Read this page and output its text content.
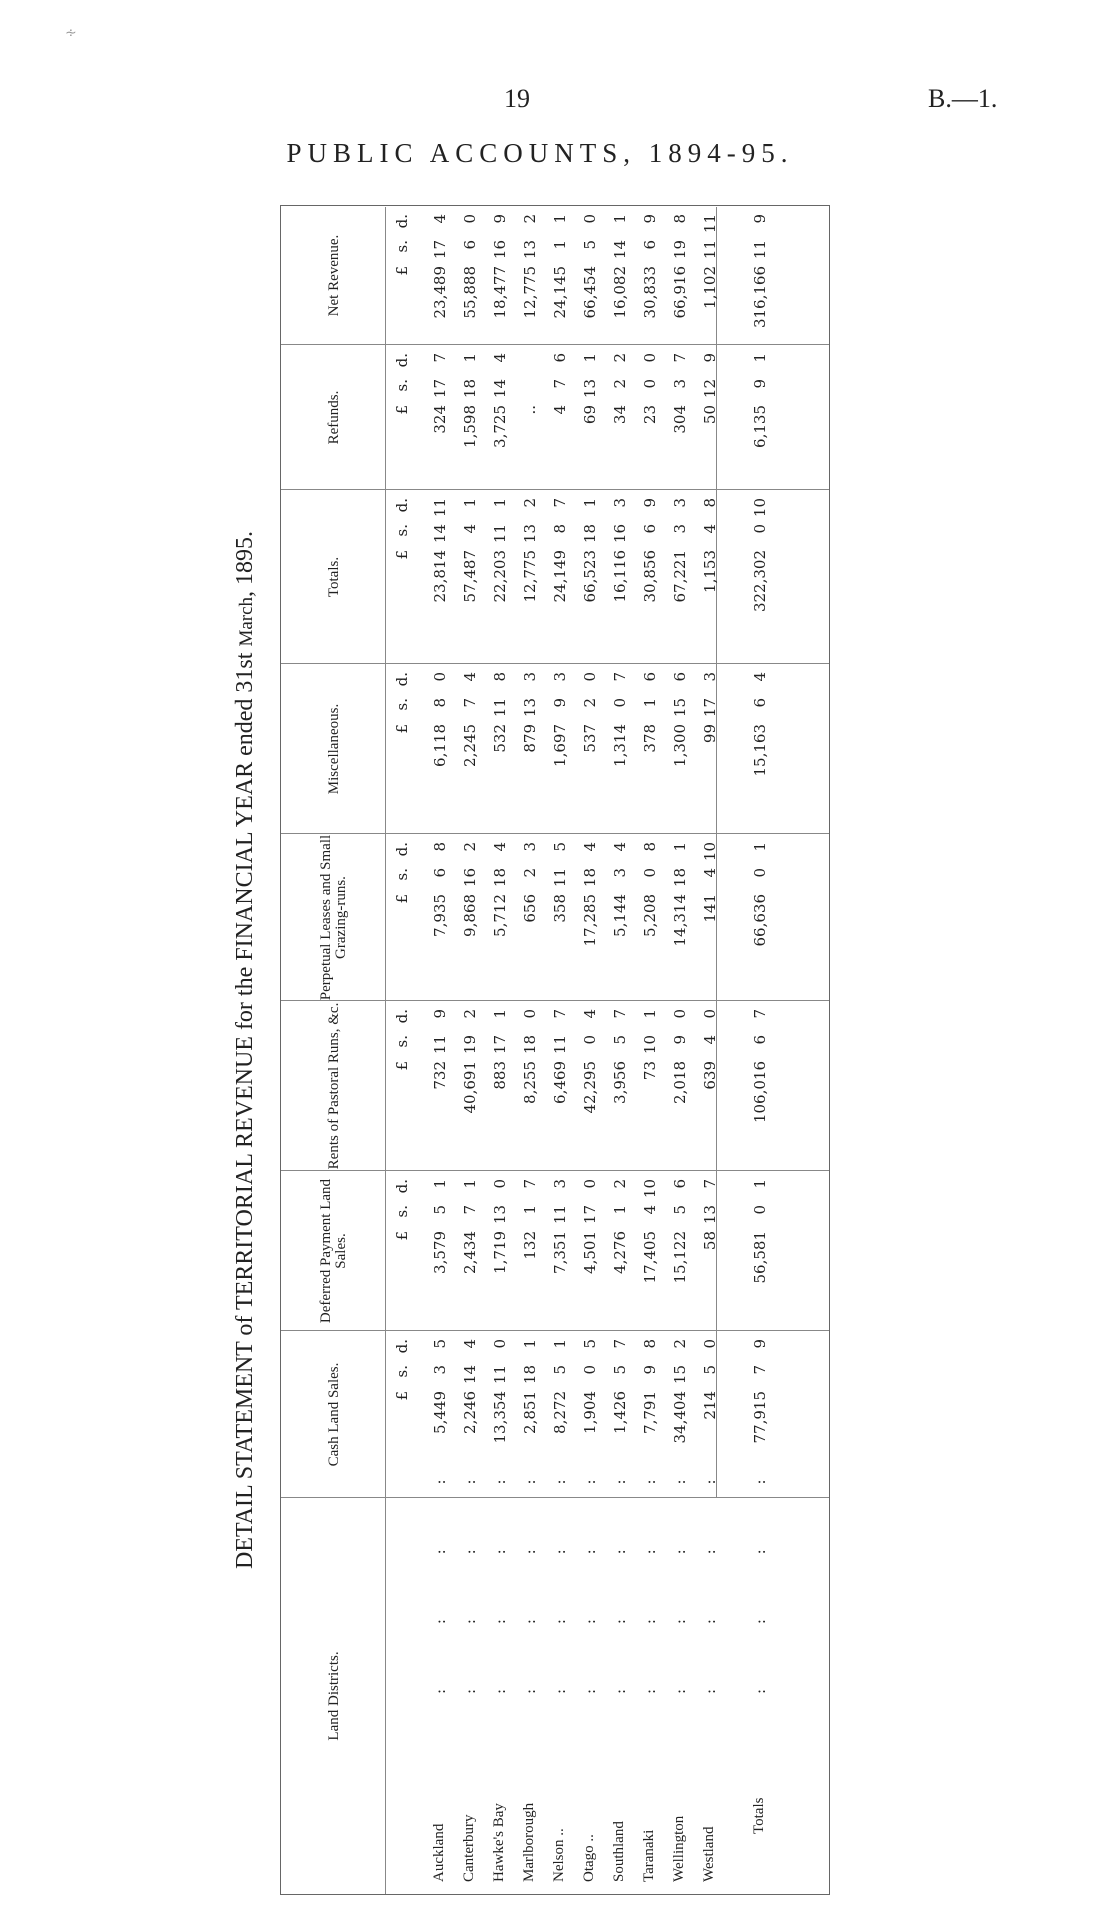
∻
19	B.—1.
PUBLIC ACCOUNTS, 1894-95.
DETAIL STATEMENT of TERRITORIAL REVENUE for the FINANCIAL YEAR ended 31st March, 1895.
Land Districts.
Cash Land Sales.
Deferred Payment Land Sales.
Rents of Pastoral Runs, &c.
Perpetual Leases and Small Grazing-runs.
Miscellaneous.
Totals.
Refunds.
Net Revenue.
£
s.
d.
£
s.
d.
£
s.
d.
£
s.
d.
£
s.
d.
£
s.
d.
£
s.
d.
£
s.
d.
Auckland
: : : :
5,449
3
5
3,579
5
1
732
11
9
7,935
6
8
6,118
8
0
23,814
14
11
324
17
7
23,489
17
4
Canterbury
: : : :
2,246
14
4
2,434
7
1
40,691
19
2
9,868
16
2
2,245
7
4
57,487
4
1
1,598
18
1
55,888
6
0
Hawke's Bay
: : : :
13,354
11
0
1,719
13
0
883
17
1
5,712
18
4
532
11
8
22,203
11
1
3,725
14
4
18,477
16
9
Marlborough
: : : :
2,851
18
1
132
1
7
8,255
18
0
656
2
3
879
13
3
12,775
13
2
..
12,775
13
2
Nelson ..
: : : :
8,272
5
1
7,351
11
3
6,469
11
7
358
11
5
1,697
9
3
24,149
8
7
4
7
6
24,145
1
1
Otago ..
: : : :
1,904
0
5
4,501
17
0
42,295
0
4
17,285
18
4
537
2
0
66,523
18
1
69
13
1
66,454
5
0
Southland
: : : :
1,426
5
7
4,276
1
2
3,956
5
7
5,144
3
4
1,314
0
7
16,116
16
3
34
2
2
16,082
14
1
Taranaki
: : : :
7,791
9
8
17,405
4
10
73
10
1
5,208
0
8
378
1
6
30,856
6
9
23
0
0
30,833
6
9
Wellington
: : : :
34,404
15
2
15,122
5
6
2,018
9
0
14,314
18
1
1,300
15
6
67,221
3
3
304
3
7
66,916
19
8
Westland
: : : :
214
5
0
58
13
7
639
4
0
141
4
10
99
17
3
1,153
4
8
50
12
9
1,102
11
11
Totals
: : : :
77,915
7
9
56,581
0
1
106,016
6
7
66,636
0
1
15,163
6
4
322,302
0
10
6,135
9
1
316,166
11
9
